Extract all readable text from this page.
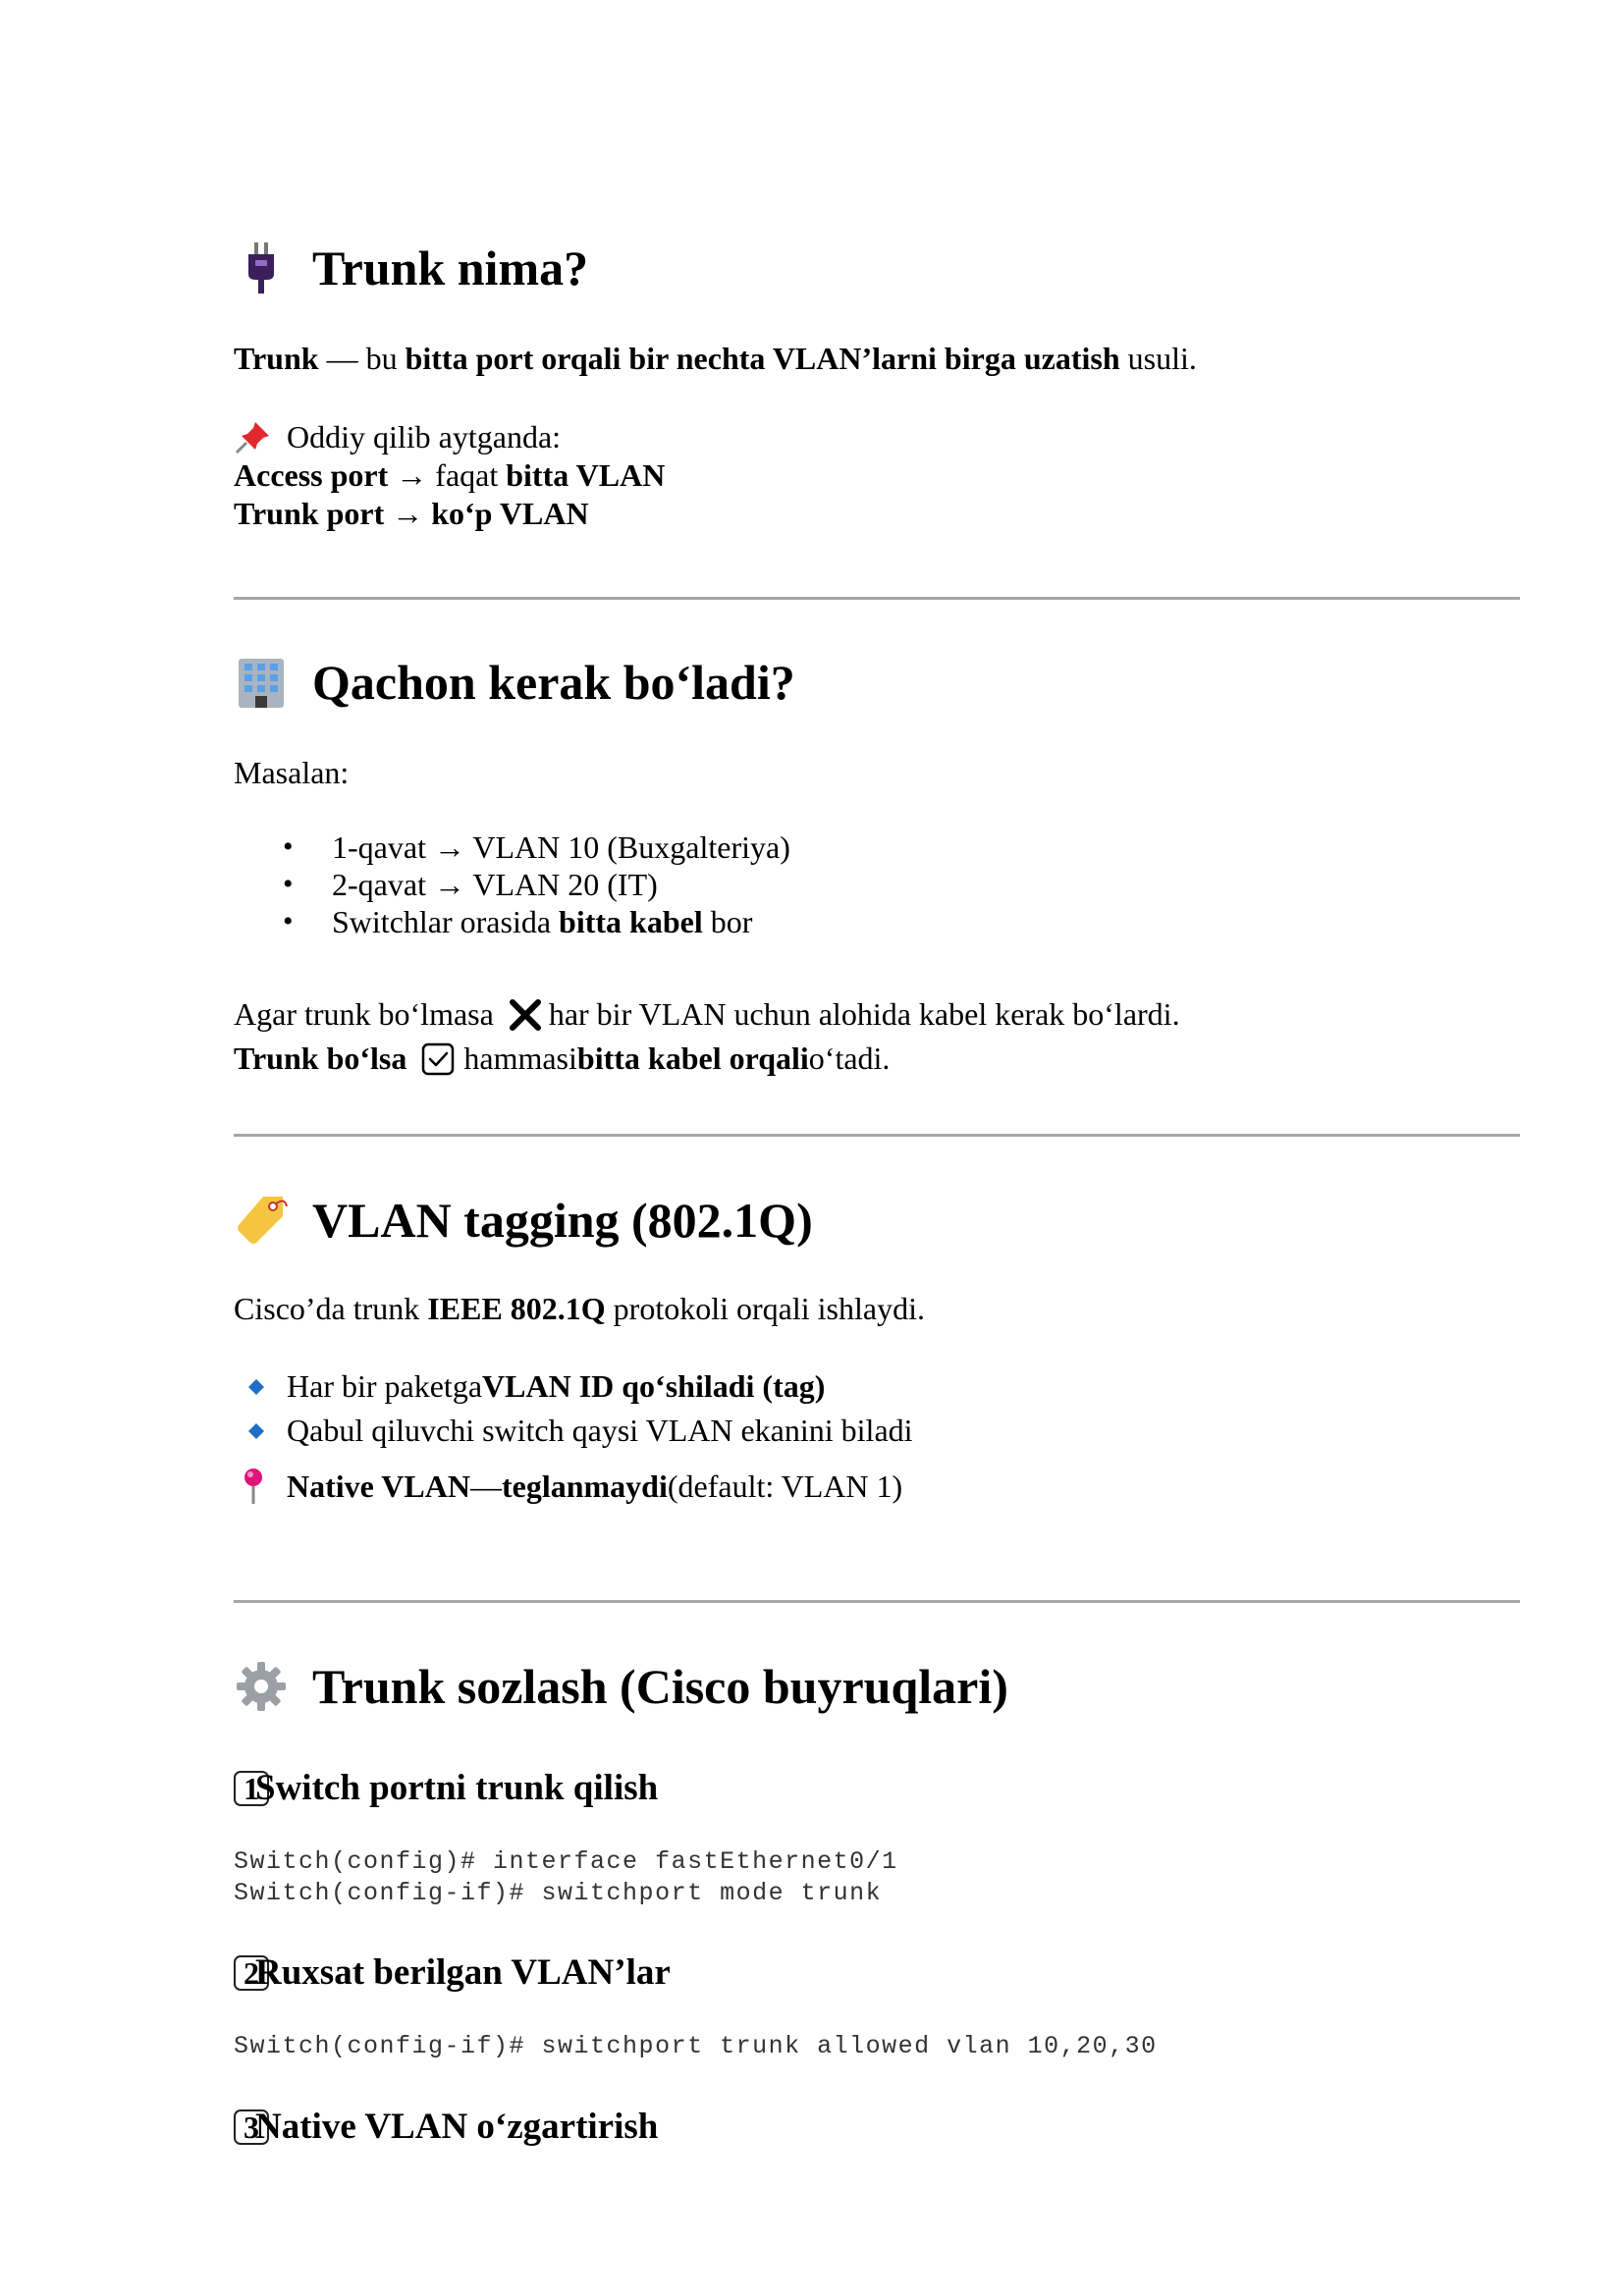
Trunk nima?

Trunk — bu bitta port orqali bir nechta VLAN’larni birga uzatish usuli.

Oddiy qilib aytganda:

Access port → faqat bitta VLAN

Trunk port → ko‘p VLAN

Qachon kerak bo‘ladi?

Masalan:

• 1-qavat → VLAN 10 (Buxgalteriya)
• 2-qavat → VLAN 20 (IT)
• Switchlar orasida bitta kabel bor

Agar trunk bo‘lmasa har bir VLAN uchun alohida kabel kerak bo‘lardi.

Trunk bo‘lsa hammasi bitta kabel orqali o‘tadi.

VLAN tagging (802.1Q)

Cisco’da trunk IEEE 802.1Q protokoli orqali ishlaydi.

Har bir paketga VLAN ID qo‘shiladi (tag)
Qabul qiluvchi switch qaysi VLAN ekanini biladi

Native VLAN — teglanmaydi (default: VLAN 1)

Trunk sozlash (Cisco buyruqlari)
1
Switch portni trunk qilish
Switch(config)# interface fastEthernet0/1
Switch(config-if)# switchport mode trunk
2
Ruxsat berilgan VLAN’lar
Switch(config-if)# switchport trunk allowed vlan 10,20,30
3
Native VLAN o‘zgartirish
